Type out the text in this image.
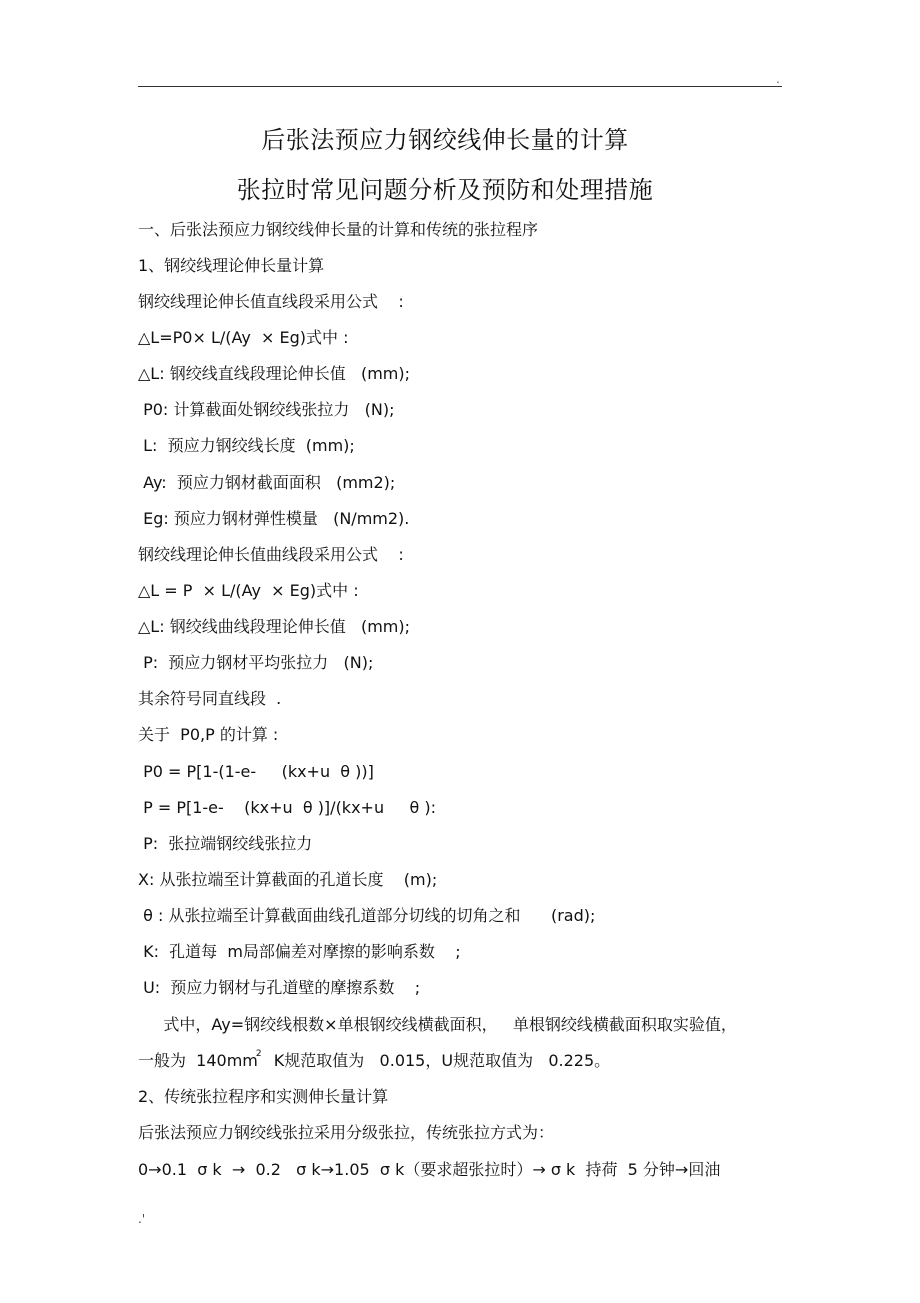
.
后张法预应力钢绞线伸长量的计算
张拉时常见问题分析及预防和处理措施
一、后张法预应力钢绞线伸长量的计算和传统的张拉程序
1、钢绞线理论伸长量计算
钢绞线理论伸长值直线段采用公式    :
△L=P0× L/(Ay  × Eg)式中 :
△L: 钢绞线直线段理论伸长值   (mm);
P0: 计算截面处钢绞线张拉力   (N);
L:  预应力钢绞线长度  (mm);
Ay:  预应力钢材截面面积   (mm2);
Eg: 预应力钢材弹性模量   (N/mm2).
钢绞线理论伸长值曲线段采用公式    :
△L = P  × L/(Ay  × Eg)式中 :
△L: 钢绞线曲线段理论伸长值   (mm);
P:  预应力钢材平均张拉力   (N);
其余符号同直线段  .
关于  P0,P 的计算 :
P0 = P[1-(1-e-     (kx+u  θ ))]
P = P[1-e-    (kx+u  θ )]/(kx+u     θ ):
P:  张拉端钢绞线张拉力
X: 从张拉端至计算截面的孔道长度    (m);
θ : 从张拉端至计算截面曲线孔道部分切线的切角之和      (rad);
K:  孔道每  m局部偏差对摩擦的影响系数    ;
U:  预应力钢材与孔道壁的摩擦系数    ;
式中，Ay=钢绞线根数×单根钢绞线横截面积，   单根钢绞线横截面积取实验值，
一般为  $140mm^2$  K规范取值为   0.015，U规范取值为   0.225。
2、传统张拉程序和实测伸长量计算
后张法预应力钢绞线张拉采用分级张拉，传统张拉方式为：
0→0.1  σ k  →  0.2   σ k→1.05  σ k（要求超张拉时）→ σ k  持荷  5 分钟→回油
.'
